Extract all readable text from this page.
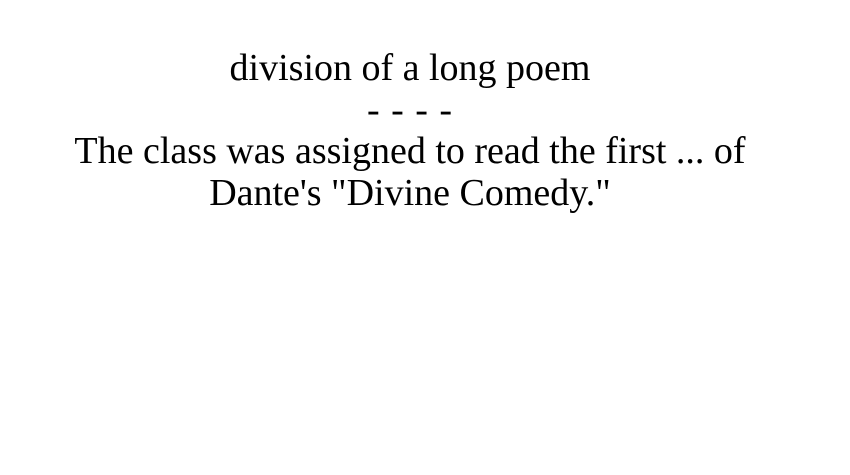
division of a long poem

- - - -

The class was assigned to read the first ... of
Dante's "Divine Comedy."
